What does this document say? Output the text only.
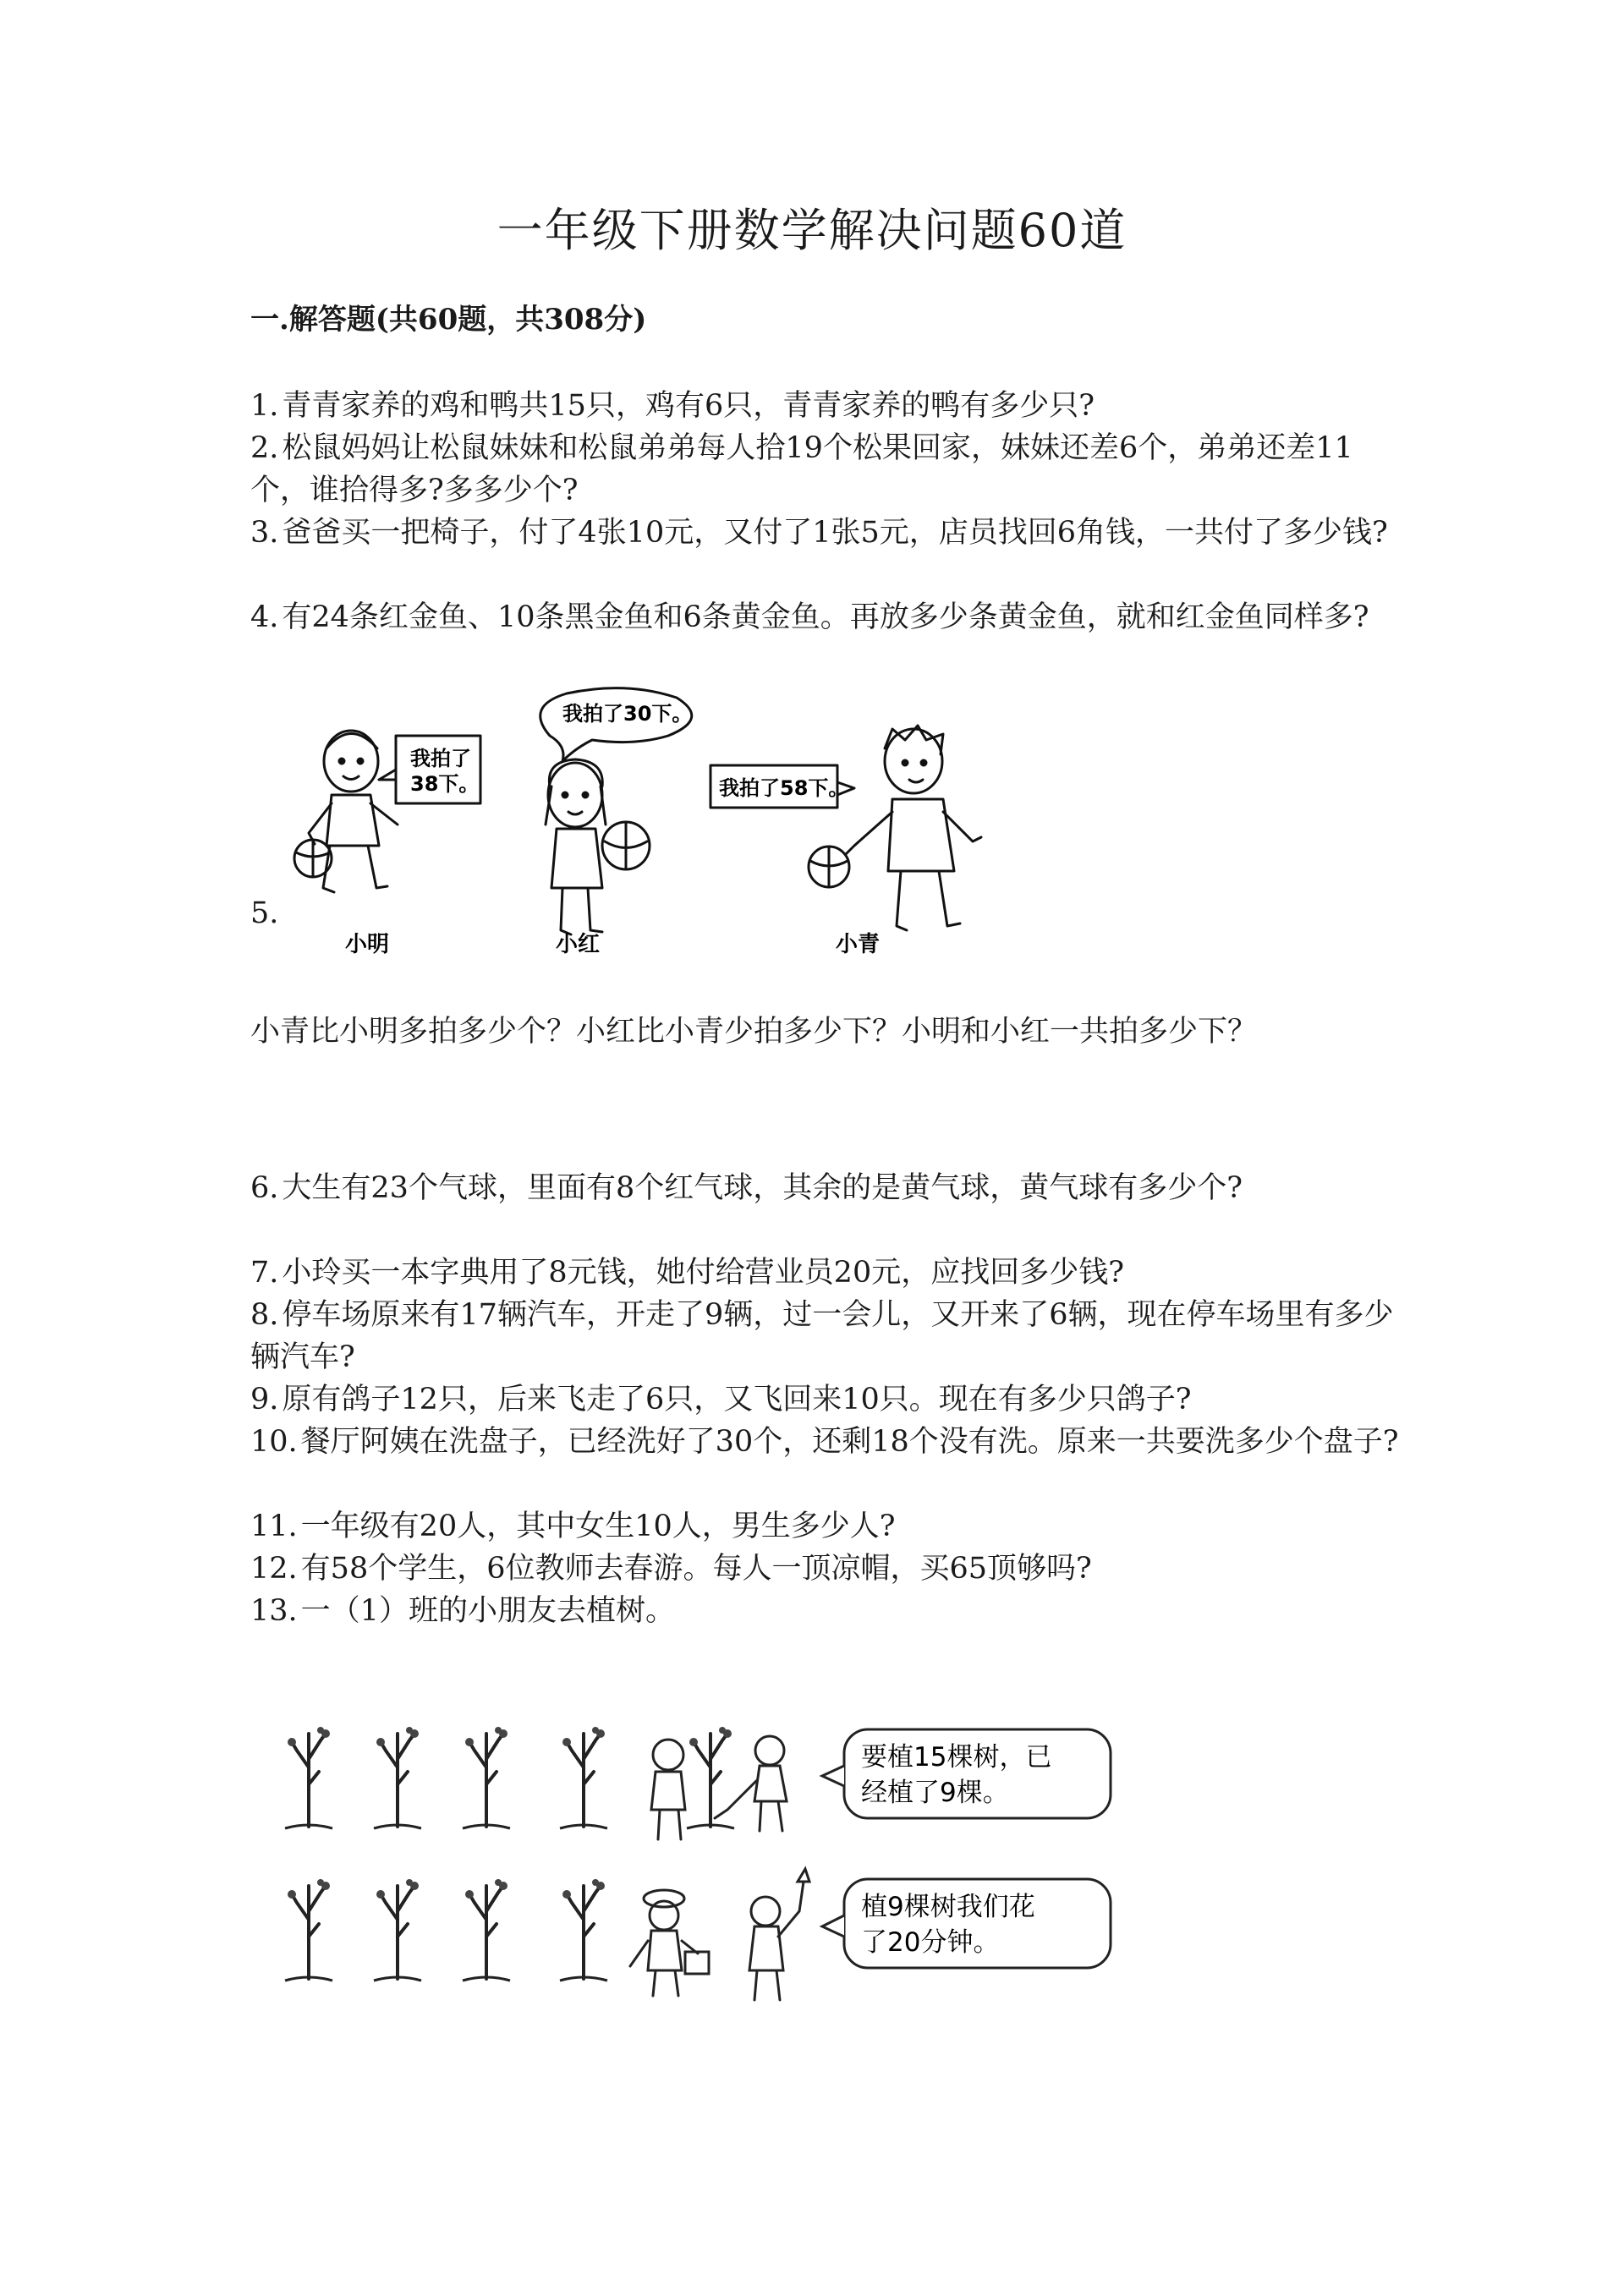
一年级下册数学解决问题60道
一.解答题(共60题，共308分)

1. 青青家养的鸡和鸭共15只，鸡有6只，青青家养的鸭有多少只?

2. 松鼠妈妈让松鼠妹妹和松鼠弟弟每人拾19个松果回家，妹妹还差6个，弟弟还差11个，谁拾得多?多多少个?

3. 爸爸买一把椅子，付了4张10元，又付了1张5元，店员找回6角钱，一共付了多少钱?

4. 有24条红金鱼、10条黑金鱼和6条黄金鱼。再放多少条黄金鱼，就和红金鱼同样多?

5.
我拍了
38下。
我拍了30下。
我拍了58下。
小明	小红	小青

小青比小明多拍多少个？小红比小青少拍多少下？小明和小红一共拍多少下？

6. 大生有23个气球，里面有8个红气球，其余的是黄气球，黄气球有多少个?

7. 小玲买一本字典用了8元钱，她付给营业员20元，应找回多少钱?

8. 停车场原来有17辆汽车，开走了9辆，过一会儿，又开来了6辆，现在停车场里有多少辆汽车?

9. 原有鸽子12只，后来飞走了6只，又飞回来10只。现在有多少只鸽子?

10. 餐厅阿姨在洗盘子，已经洗好了30个，还剩18个没有洗。原来一共要洗多少个盘子?

11. 一年级有20人，其中女生10人，男生多少人?

12. 有58个学生，6位教师去春游。每人一顶凉帽，买65顶够吗?

13. 一（1）班的小朋友去植树。

要植15棵树，已
经植了9棵。
植9棵树我们花
了20分钟。
